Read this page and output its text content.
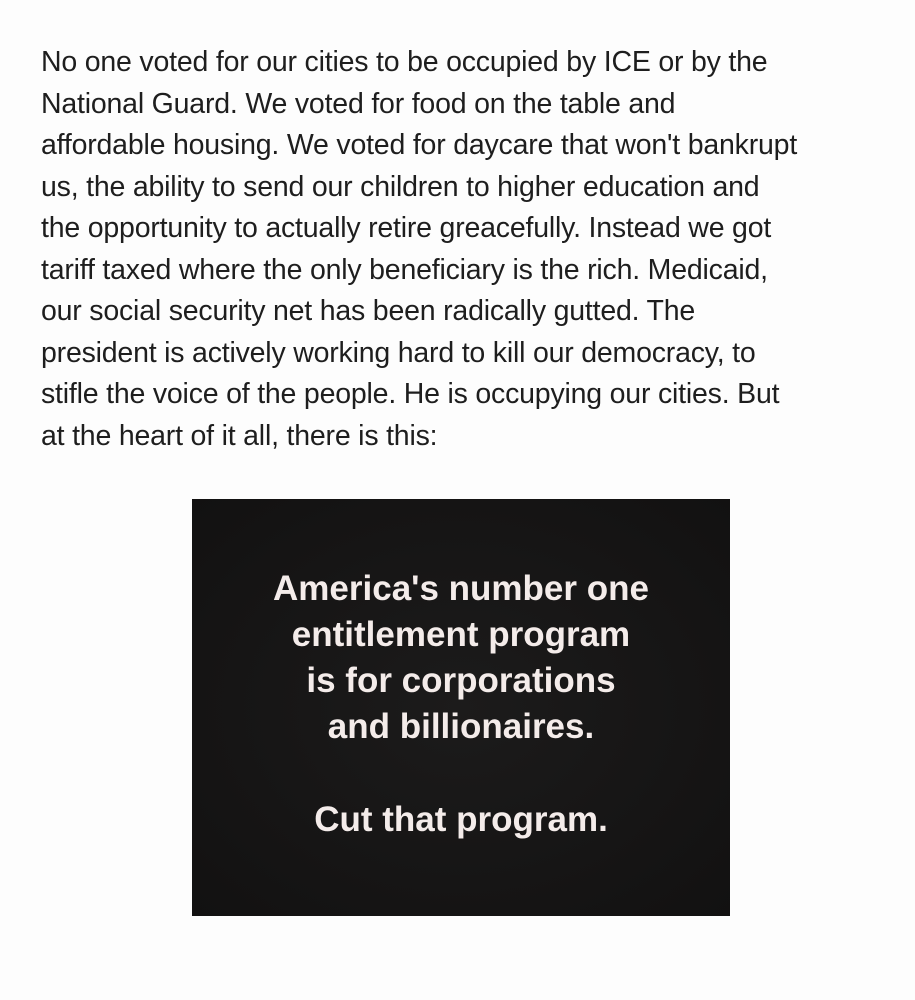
No one voted for our cities to be occupied by ICE or by the
National Guard. We voted for food on the table and
affordable housing. We voted for daycare that won't bankrupt
us, the ability to send our children to higher education and
the opportunity to actually retire greacefully. Instead we got
tariff taxed where the only beneficiary is the rich. Medicaid,
our social security net has been radically gutted. The
president is actively working hard to kill our democracy, to
stifle the voice of the people. He is occupying our cities. But
at the heart of it all, there is this:
America's number one
entitlement program
is for corporations
and billionaires.
Cut that program.
